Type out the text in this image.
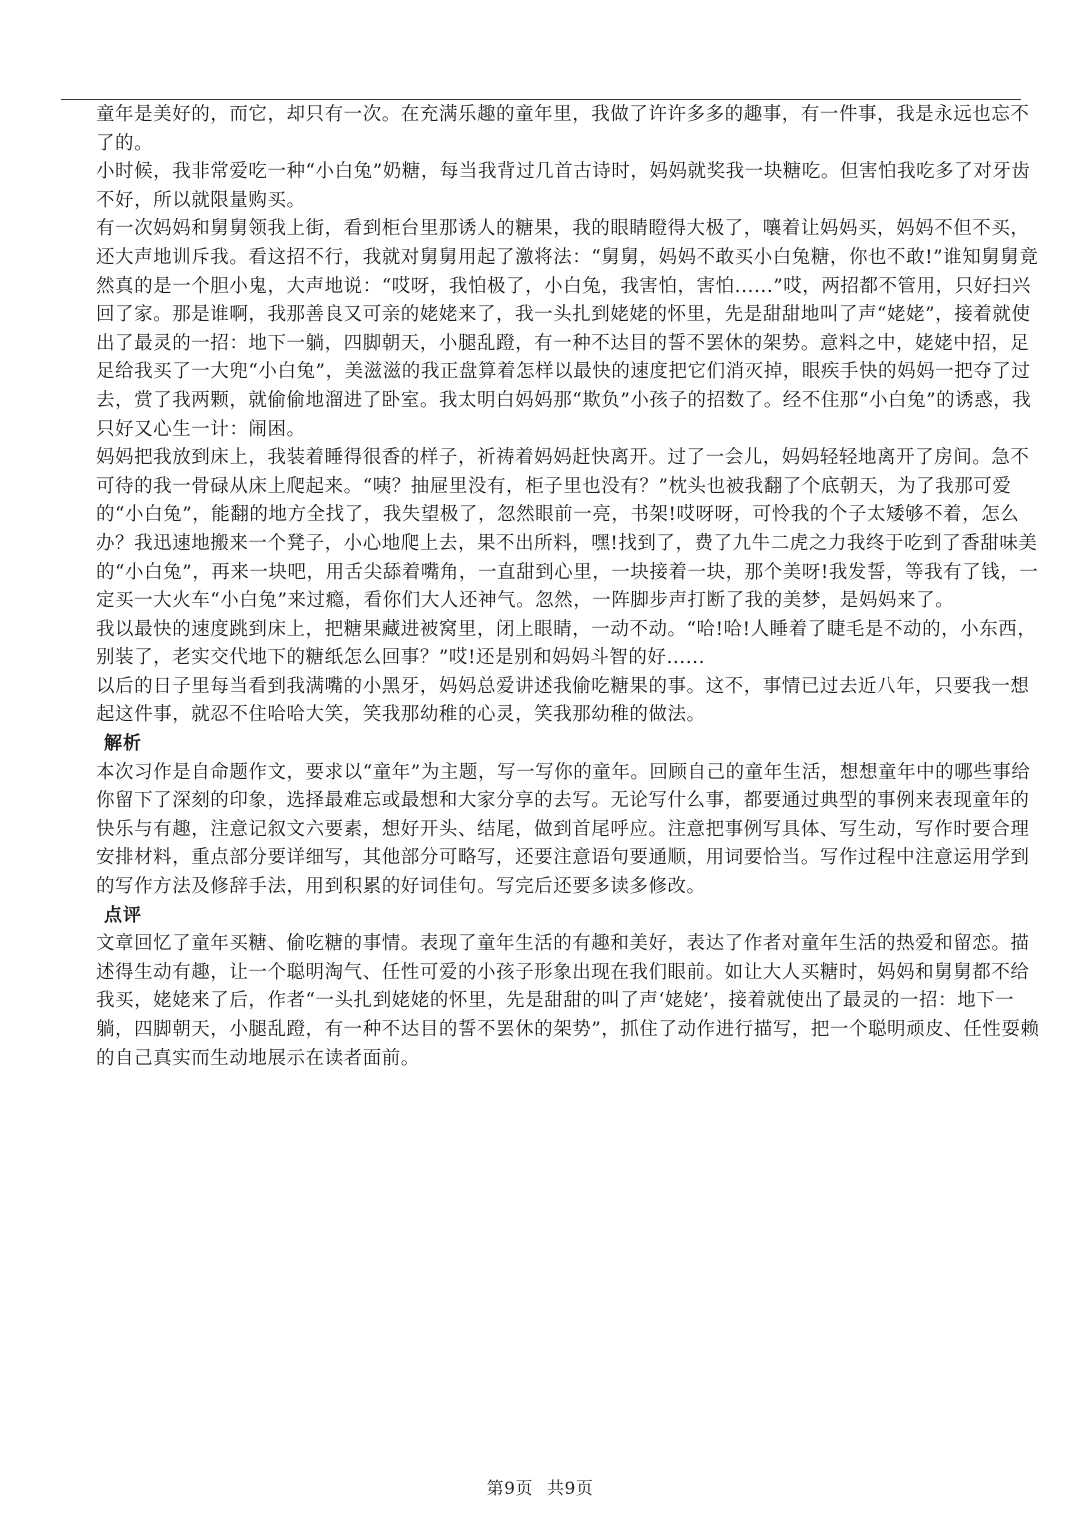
童年是美好的，而它，却只有一次。在充满乐趣的童年里，我做了许许多多的趣事，有一件事，我是永远也忘不了的。

小时候，我非常爱吃一种“小白兔”奶糖，每当我背过几首古诗时，妈妈就奖我一块糖吃。但害怕我吃多了对牙齿不好，所以就限量购买。

有一次妈妈和舅舅领我上街，看到柜台里那诱人的糖果，我的眼睛瞪得大极了，嚷着让妈妈买，妈妈不但不买，还大声地训斥我。看这招不行，我就对舅舅用起了激将法：“舅舅，妈妈不敢买小白兔糖，你也不敢!”谁知舅舅竟然真的是一个胆小鬼，大声地说：“哎呀，我怕极了，小白兔，我害怕，害怕......”哎，两招都不管用，只好扫兴回了家。那是谁啊，我那善良又可亲的姥姥来了，我一头扎到姥姥的怀里，先是甜甜地叫了声“姥姥”，接着就使出了最灵的一招：地下一躺，四脚朝天，小腿乱蹬，有一种不达目的誓不罢休的架势。意料之中，姥姥中招，足足给我买了一大兜“小白兔”，美滋滋的我正盘算着怎样以最快的速度把它们消灭掉，眼疾手快的妈妈一把夺了过去，赏了我两颗，就偷偷地溜进了卧室。我太明白妈妈那“欺负”小孩子的招数了。经不住那“小白兔”的诱惑，我只好又心生一计：闹困。

妈妈把我放到床上，我装着睡得很香的样子，祈祷着妈妈赶快离开。过了一会儿，妈妈轻轻地离开了房间。急不可待的我一骨碌从床上爬起来。“咦？抽屉里没有，柜子里也没有？”枕头也被我翻了个底朝天，为了我那可爱的“小白兔”，能翻的地方全找了，我失望极了，忽然眼前一亮，书架!哎呀呀，可怜我的个子太矮够不着，怎么办？我迅速地搬来一个凳子，小心地爬上去，果不出所料，嘿!找到了，费了九牛二虎之力我终于吃到了香甜味美的“小白兔”，再来一块吧，用舌尖舔着嘴角，一直甜到心里，一块接着一块，那个美呀!我发誓，等我有了钱，一定买一大火车“小白兔”来过瘾，看你们大人还神气。忽然，一阵脚步声打断了我的美梦，是妈妈来了。

我以最快的速度跳到床上，把糖果藏进被窝里，闭上眼睛，一动不动。“哈!哈!人睡着了睫毛是不动的，小东西，别装了，老实交代地下的糖纸怎么回事？”哎!还是别和妈妈斗智的好......

以后的日子里每当看到我满嘴的小黑牙，妈妈总爱讲述我偷吃糖果的事。这不，事情已过去近八年，只要我一想起这件事，就忍不住哈哈大笑，笑我那幼稚的心灵，笑我那幼稚的做法。

解析

本次习作是自命题作文，要求以“童年”为主题，写一写你的童年。回顾自己的童年生活，想想童年中的哪些事给你留下了深刻的印象，选择最难忘或最想和大家分享的去写。无论写什么事，都要通过典型的事例来表现童年的快乐与有趣，注意记叙文六要素，想好开头、结尾，做到首尾呼应。注意把事例写具体、写生动，写作时要合理安排材料，重点部分要详细写，其他部分可略写，还要注意语句要通顺，用词要恰当。写作过程中注意运用学到的写作方法及修辞手法，用到积累的好词佳句。写完后还要多读多修改。

点评

文章回忆了童年买糖、偷吃糖的事情。表现了童年生活的有趣和美好，表达了作者对童年生活的热爱和留恋。描述得生动有趣，让一个聪明淘气、任性可爱的小孩子形象出现在我们眼前。如让大人买糖时，妈妈和舅舅都不给我买，姥姥来了后，作者“一头扎到姥姥的怀里，先是甜甜的叫了声‘姥姥’，接着就使出了最灵的一招：地下一躺，四脚朝天，小腿乱蹬，有一种不达目的誓不罢休的架势”，抓住了动作进行描写，把一个聪明顽皮、任性耍赖的自己真实而生动地展示在读者面前。

第9页 共9页
